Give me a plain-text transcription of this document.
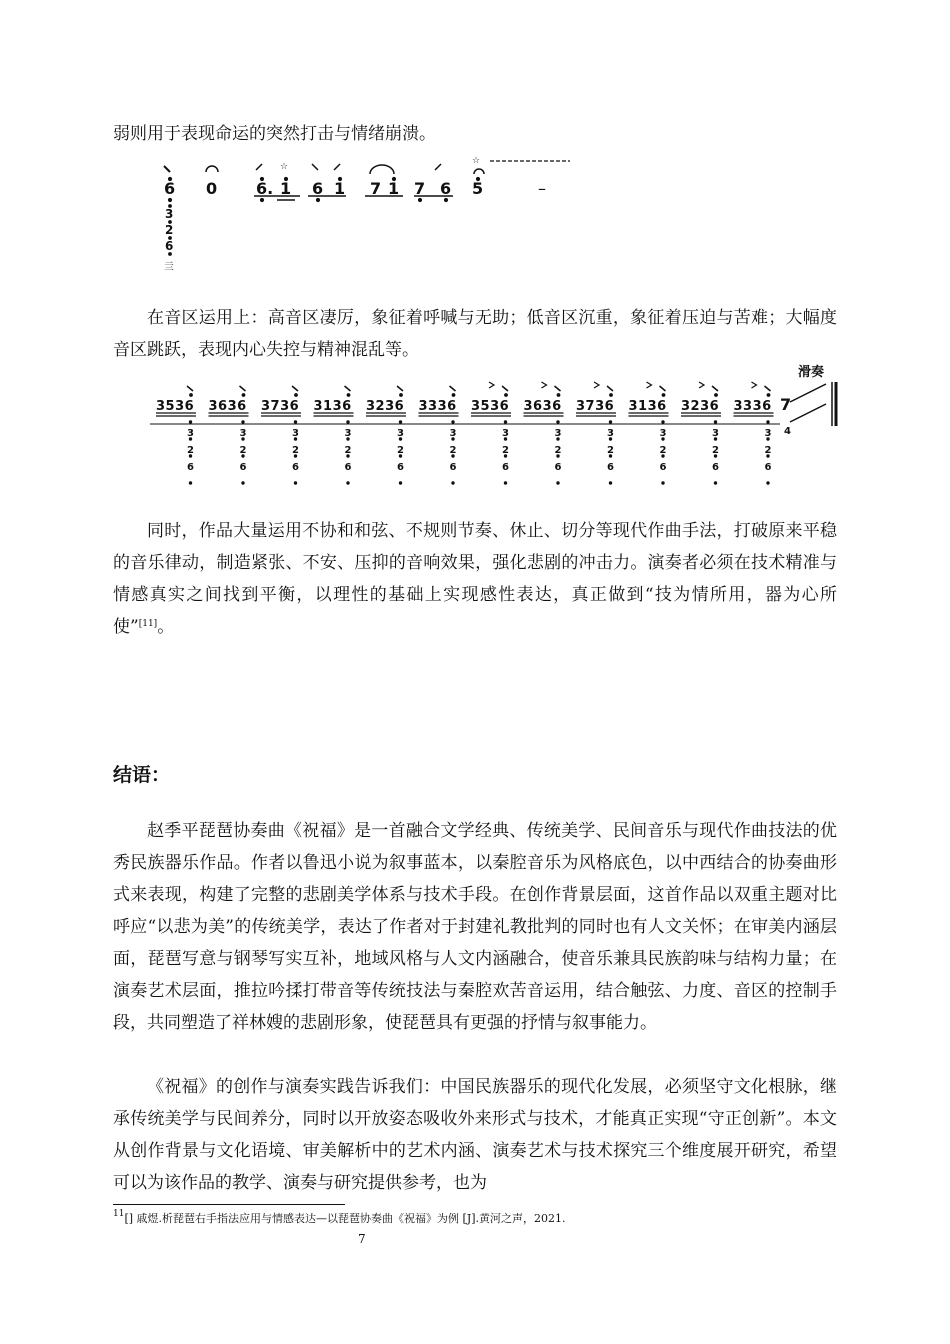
弱则用于表现命运的突然打击与情绪崩溃。

☆
☆
6 0 6. 1 6 1 7 1 7 6 5	–
3
2
6
亖

在音区运用上：高音区凄厉，象征着呼喊与无助；低音区沉重，象征着压迫与苦难；大幅度音区跳跃，表现内心失控与精神混乱等。

3536
3
2
6
3636
3
2
6
3736
3
2
6
3136
3
2
6
3236
3
2
6
3336
3
2
6
3536
3
2
6
3636
3
2
6
3736
3
2
6
3136
3
2
6
3236
3
2
6
3336
3
2
6
7
4
滑奏

同时，作品大量运用不协和和弦、不规则节奏、休止、切分等现代作曲手法，打破原来平稳的音乐律动，制造紧张、不安、压抑的音响效果，强化悲剧的冲击力。演奏者必须在技术精准与情感真实之间找到平衡，以理性的基础上实现感性表达，真正做到“技为情所用，器为心所使”[11]。

结语：

赵季平琵琶协奏曲《祝福》是一首融合文学经典、传统美学、民间音乐与现代作曲技法的优秀民族器乐作品。作者以鲁迅小说为叙事蓝本，以秦腔音乐为风格底色，以中西结合的协奏曲形式来表现，构建了完整的悲剧美学体系与技术手段。在创作背景层面，这首作品以双重主题对比呼应“以悲为美”的传统美学，表达了作者对于封建礼教批判的同时也有人文关怀；在审美内涵层面，琵琶写意与钢琴写实互补，地域风格与人文内涵融合，使音乐兼具民族韵味与结构力量；在演奏艺术层面，推拉吟揉打带音等传统技法与秦腔欢苦音运用，结合触弦、力度、音区的控制手段，共同塑造了祥林嫂的悲剧形象，使琵琶具有更强的抒情与叙事能力。

《祝福》的创作与演奏实践告诉我们：中国民族器乐的现代化发展，必须坚守文化根脉，继承传统美学与民间养分，同时以开放姿态吸收外来形式与技术，才能真正实现“守正创新”。本文从创作背景与文化语境、审美解析中的艺术内涵、演奏艺术与技术探究三个维度展开研究，希望可以为该作品的教学、演奏与研究提供参考，也为

$^{11}$[] 戚煜.析琵琶右手指法应用与情感表达—以琵琶协奏曲《祝福》为例 [J].黄河之声，2021.

7
